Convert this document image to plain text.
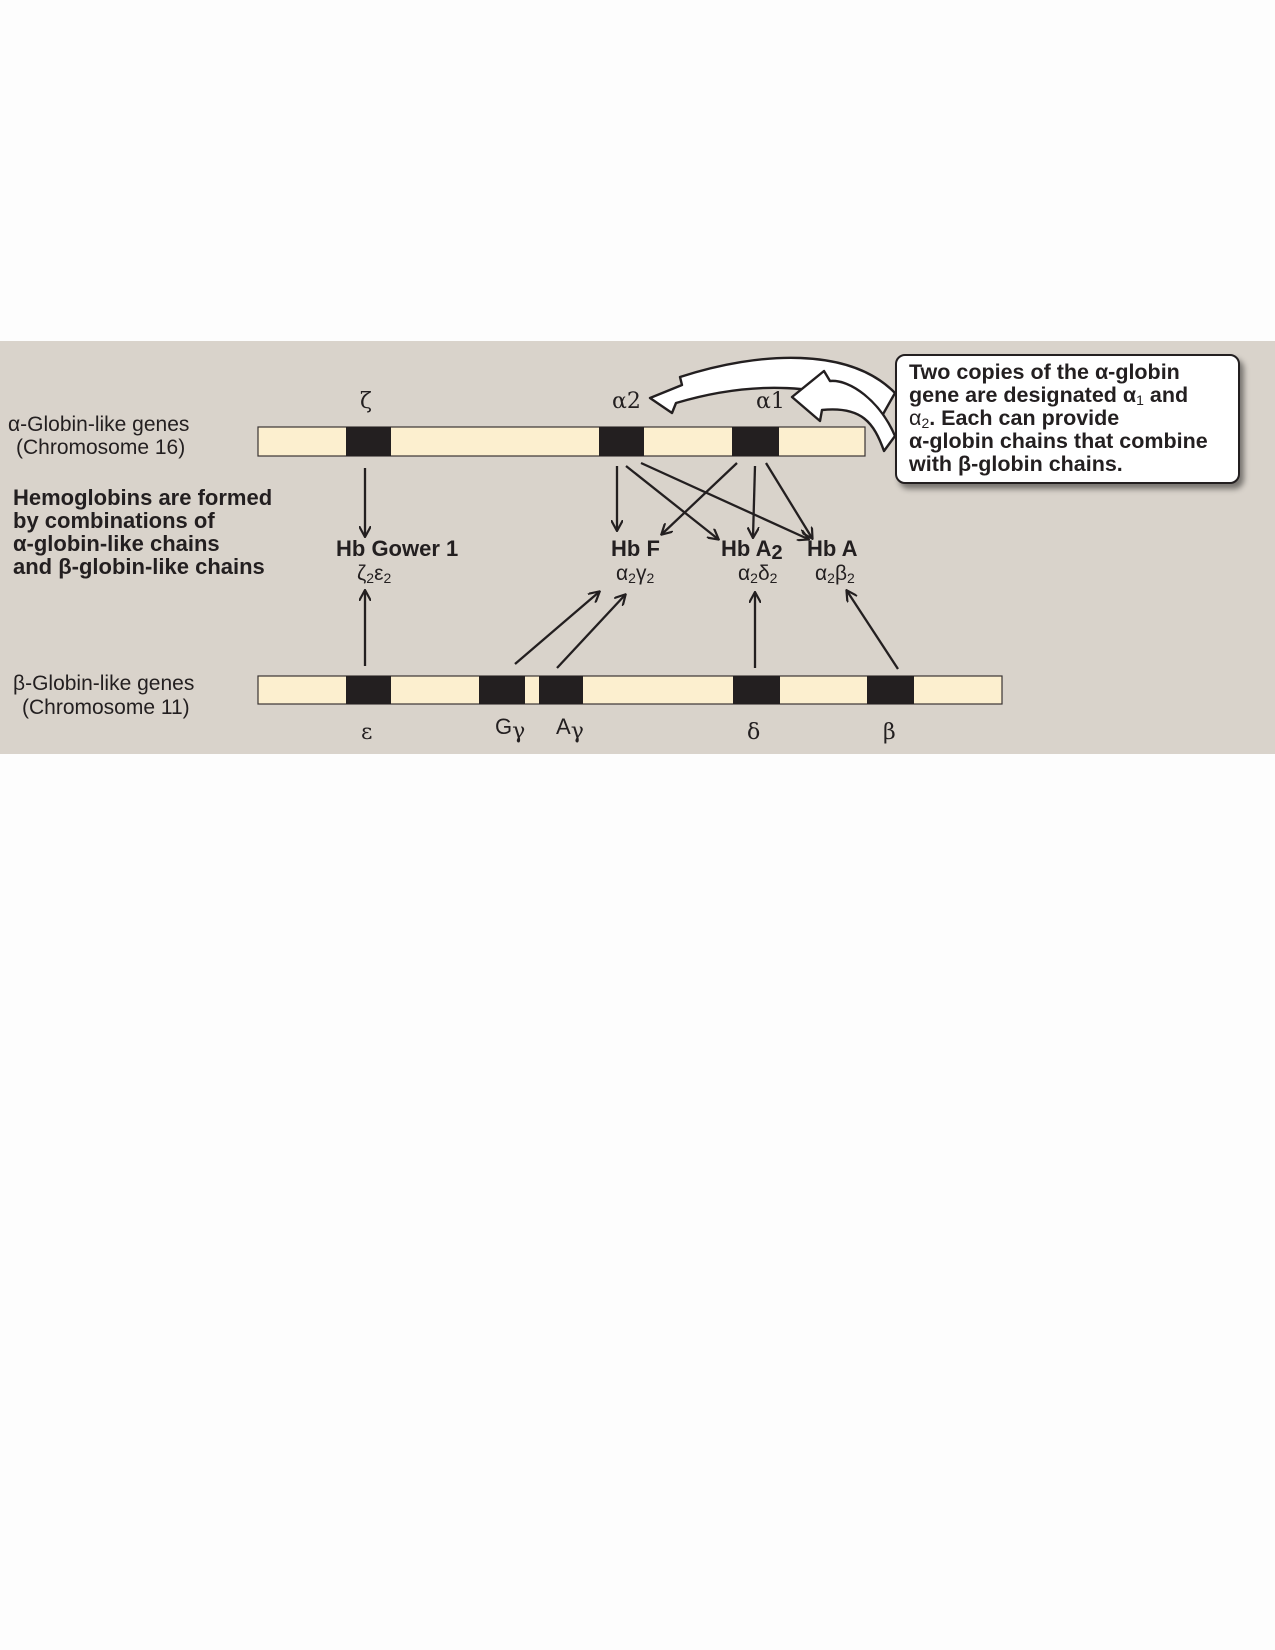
α-Globin-like genes
(Chromosome 16)
ζ	α2	α1
Hemoglobins are formed
by combinations of
α-globin-like chains
and β-globin-like chains
Hb Gower 1	Hb F	Hb A2 Hb A
$\zeta_2\varepsilon_2$	$\alpha_2\gamma_2$	$\alpha_2\delta_2$ $\alpha_2\beta_2$
β-Globin-like genes
(Chromosome 11)
ε	Gγ Aγ	δ	β
Two copies of the α-globin
gene are designated $\alpha_1$ and
$\alpha_2$. Each can provide
α-globin chains that combine
with β-globin chains.
